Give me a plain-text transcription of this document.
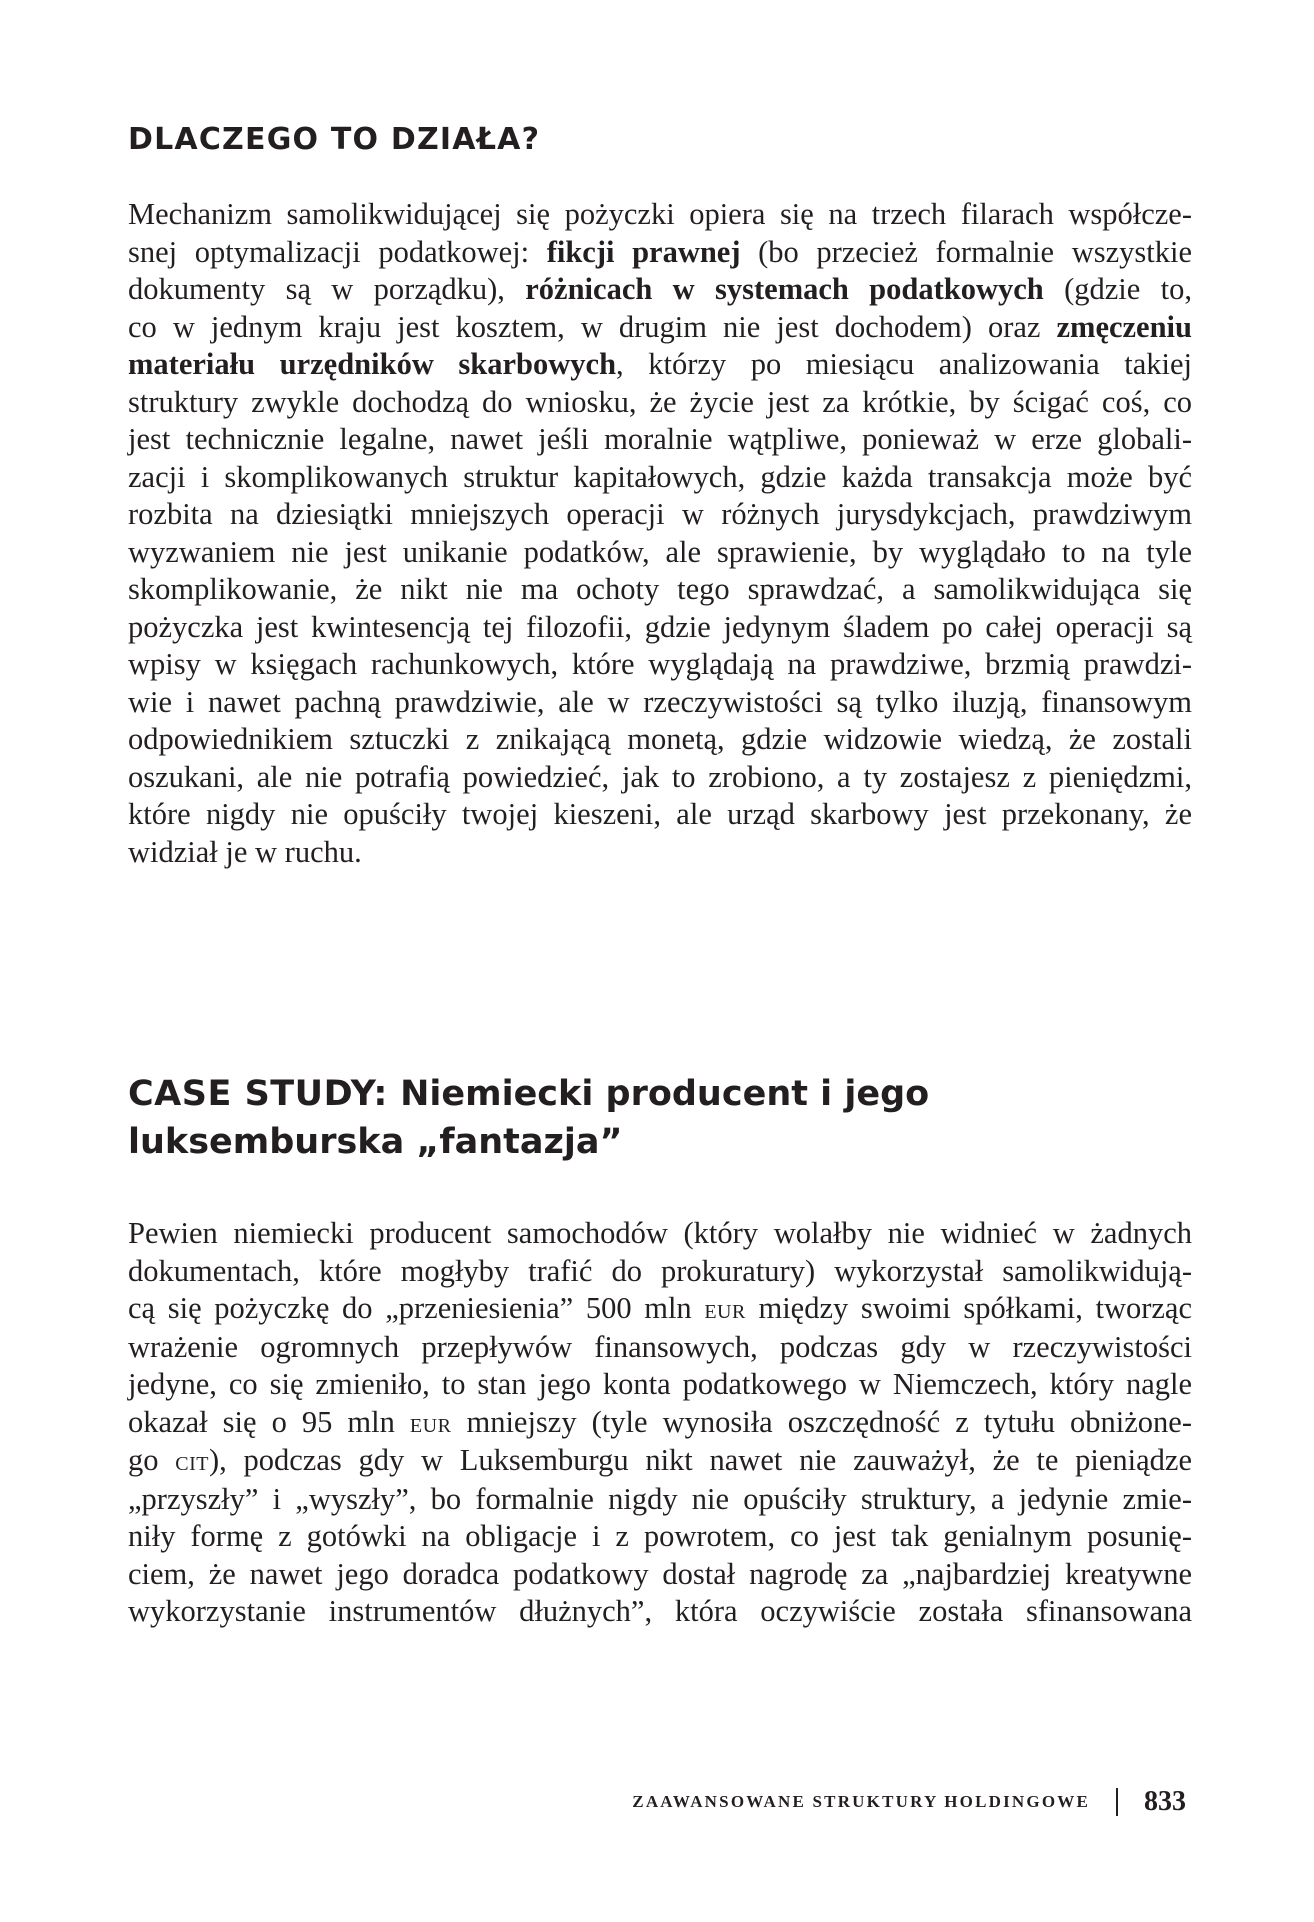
DLACZEGO TO DZIAŁA?
Mechanizm samolikwidującej się pożyczki opiera się na trzech filarach współcze-
snej optymalizacji podatkowej: fikcji prawnej (bo przecież formalnie wszystkie
dokumenty są w porządku), różnicach w systemach podatkowych (gdzie to,
co w jednym kraju jest kosztem, w drugim nie jest dochodem) oraz zmęczeniu
materiału urzędników skarbowych, którzy po miesiącu analizowania takiej
struktury zwykle dochodzą do wniosku, że życie jest za krótkie, by ścigać coś, co
jest technicznie legalne, nawet jeśli moralnie wątpliwe, ponieważ w erze globali-
zacji i skomplikowanych struktur kapitałowych, gdzie każda transakcja może być
rozbita na dziesiątki mniejszych operacji w różnych jurysdykcjach, prawdziwym
wyzwaniem nie jest unikanie podatków, ale sprawienie, by wyglądało to na tyle
skomplikowanie, że nikt nie ma ochoty tego sprawdzać, a samolikwidująca się
pożyczka jest kwintesencją tej filozofii, gdzie jedynym śladem po całej operacji są
wpisy w księgach rachunkowych, które wyglądają na prawdziwe, brzmią prawdzi-
wie i nawet pachną prawdziwie, ale w rzeczywistości są tylko iluzją, finansowym
odpowiednikiem sztuczki z znikającą monetą, gdzie widzowie wiedzą, że zostali
oszukani, ale nie potrafią powiedzieć, jak to zrobiono, a ty zostajesz z pieniędzmi,
które nigdy nie opuściły twojej kieszeni, ale urząd skarbowy jest przekonany, że
widział je w ruchu.
CASE STUDY: Niemiecki producent i jego luksemburska „fantazja”
Pewien niemiecki producent samochodów (który wolałby nie widnieć w żadnych
dokumentach, które mogłyby trafić do prokuratury) wykorzystał samolikwidują-
cą się pożyczkę do „przeniesienia” 500 mln eur między swoimi spółkami, tworząc
wrażenie ogromnych przepływów finansowych, podczas gdy w rzeczywistości
jedyne, co się zmieniło, to stan jego konta podatkowego w Niemczech, który nagle
okazał się o 95 mln eur mniejszy (tyle wynosiła oszczędność z tytułu obniżone-
go cit), podczas gdy w Luksemburgu nikt nawet nie zauważył, że te pieniądze
„przyszły” i „wyszły”, bo formalnie nigdy nie opuściły struktury, a jedynie zmie-
niły formę z gotówki na obligacje i z powrotem, co jest tak genialnym posunię-
ciem, że nawet jego doradca podatkowy dostał nagrodę za „najbardziej kreatywne
wykorzystanie instrumentów dłużnych”, która oczywiście została sfinansowana
ZAAWANSOWANE STRUKTURY HOLDINGOWE 833
